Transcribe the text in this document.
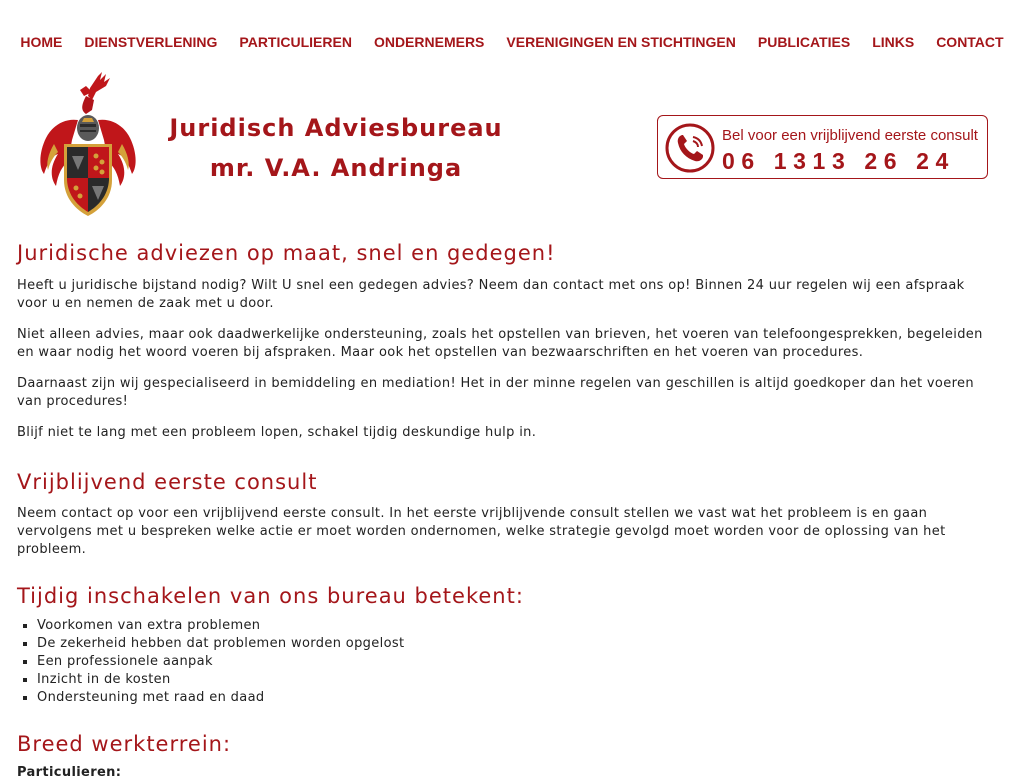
HOME	DIENSTVERLENING	PARTICULIEREN	ONDERNEMERS	VERENIGINGEN EN STICHTINGEN	PUBLICATIES	LINKS	CONTACT
Juridisch Adviesbureau
mr. V.A. Andringa
Bel voor een vrijblijvend eerste consult
06 1313 26 24
Juridische adviezen op maat, snel en gedegen!

Heeft u juridische bijstand nodig? Wilt U snel een gedegen advies? Neem dan contact met ons op! Binnen 24 uur regelen wij een afspraak voor u en nemen de zaak met u door.

Niet alleen advies, maar ook daadwerkelijke ondersteuning, zoals het opstellen van brieven, het voeren van telefoongesprekken, begeleiden en waar nodig het woord voeren bij afspraken. Maar ook het opstellen van bezwaarschriften en het voeren van procedures.

Daarnaast zijn wij gespecialiseerd in bemiddeling en mediation! Het in der minne regelen van geschillen is altijd goedkoper dan het voeren van procedures!

Blijf niet te lang met een probleem lopen, schakel tijdig deskundige hulp in.

Vrijblijvend eerste consult

Neem contact op voor een vrijblijvend eerste consult. In het eerste vrijblijvende consult stellen we vast wat het probleem is en gaan vervolgens met u bespreken welke actie er moet worden ondernomen, welke strategie gevolgd moet worden voor de oplossing van het probleem.

Tijdig inschakelen van ons bureau betekent:
▪ Voorkomen van extra problemen
▪ De zekerheid hebben dat problemen worden opgelost
▪ Een professionele aanpak
▪ Inzicht in de kosten
▪ Ondersteuning met raad en daad
Breed werkterrein:
Particulieren:
